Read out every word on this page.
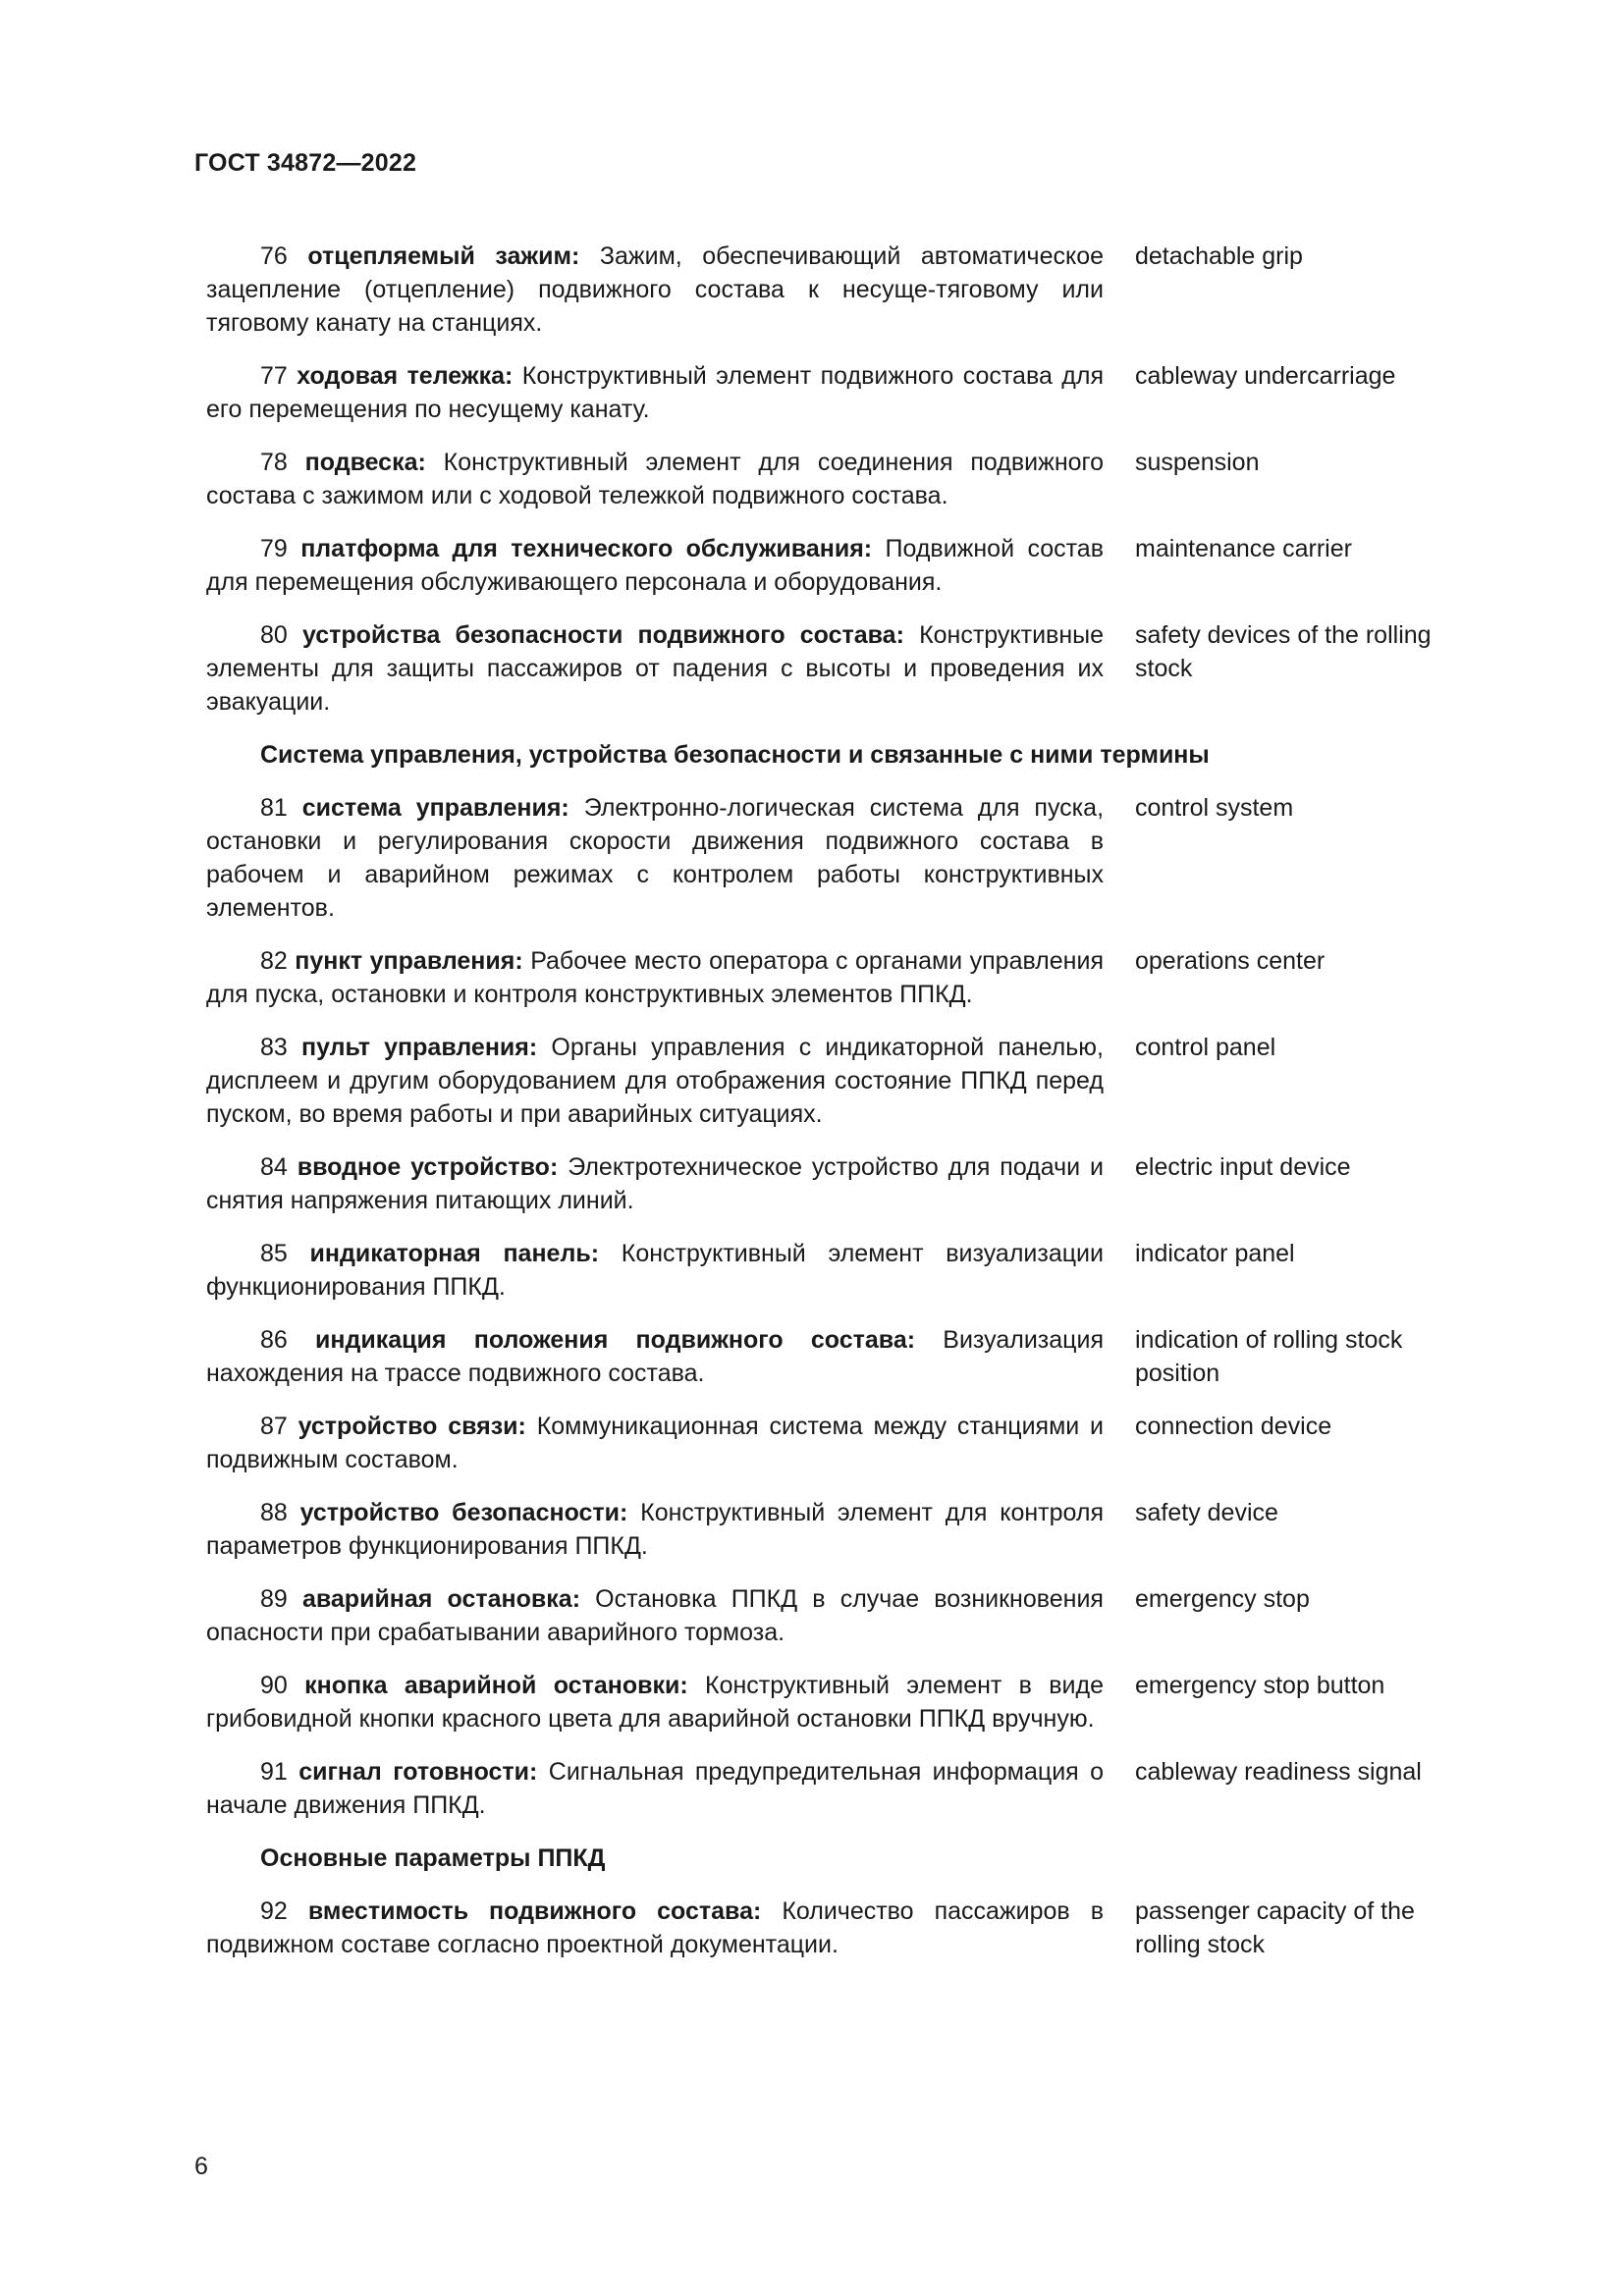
ГОСТ 34872—2022
76 отцепляемый зажим: Зажим, обеспечивающий автоматическое зацепление (отцепление) подвижного состава к несуще-тяговому или тяговому канату на станциях.
detachable grip
77 ходовая тележка: Конструктивный элемент подвижного состава для его перемещения по несущему канату.
cableway undercarriage
78 подвеска: Конструктивный элемент для соединения подвижного состава с зажимом или с ходовой тележкой подвижного состава.
suspension
79 платформа для технического обслуживания: Подвижной состав для перемещения обслуживающего персонала и оборудования.
maintenance carrier
80 устройства безопасности подвижного состава: Конструктивные элементы для защиты пассажиров от падения с высоты и проведения их эвакуации.
safety devices of the rolling stock
Система управления, устройства безопасности и связанные с ними термины
81 система управления: Электронно-логическая система для пуска, остановки и регулирования скорости движения подвижного состава в рабочем и аварийном режимах с контролем работы конструктивных элементов.
control system
82 пункт управления: Рабочее место оператора с органами управления для пуска, остановки и контроля конструктивных элементов ППКД.
operations center
83 пульт управления: Органы управления с индикаторной панелью, дисплеем и другим оборудованием для отображения состояние ППКД перед пуском, во время работы и при аварийных ситуациях.
control panel
84 вводное устройство: Электротехническое устройство для подачи и снятия напряжения питающих линий.
electric input device
85 индикаторная панель: Конструктивный элемент визуализации функционирования ППКД.
indicator panel
86 индикация положения подвижного состава: Визуализация нахождения на трассе подвижного состава.
indication of rolling stock position
87 устройство связи: Коммуникационная система между станциями и подвижным составом.
connection device
88 устройство безопасности: Конструктивный элемент для контроля параметров функционирования ППКД.
safety device
89 аварийная остановка: Остановка ППКД в случае возникновения опасности при срабатывании аварийного тормоза.
emergency stop
90 кнопка аварийной остановки: Конструктивный элемент в виде грибовидной кнопки красного цвета для аварийной остановки ППКД вручную.
emergency stop button
91 сигнал готовности: Сигнальная предупредительная информация о начале движения ППКД.
cableway readiness signal
Основные параметры ППКД
92 вместимость подвижного состава: Количество пассажиров в подвижном составе согласно проектной документации.
passenger capacity of the rolling stock
6
